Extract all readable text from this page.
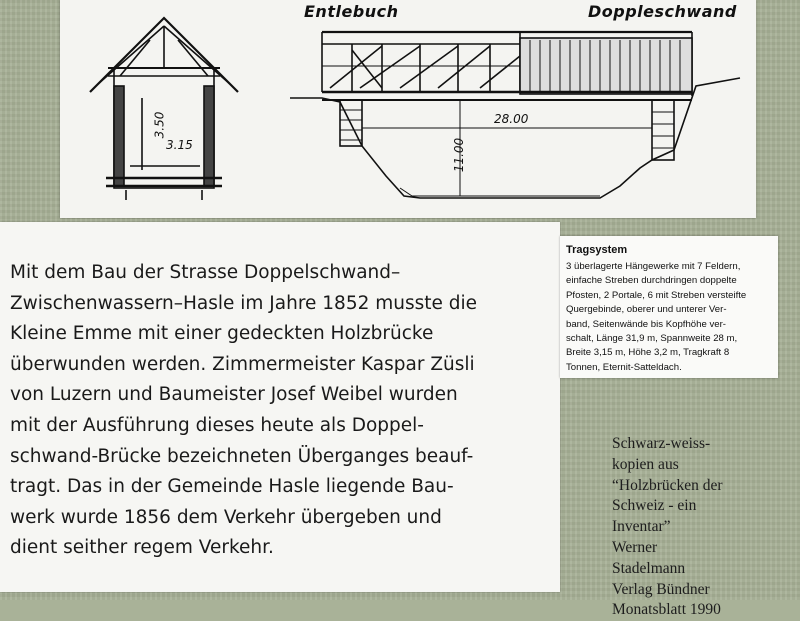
Entlebuch	Doppleschwand
3.50
3.15
28.00
11.00

Mit dem Bau der Strasse Doppelschwand–
Zwischenwassern–Hasle im Jahre 1852 musste die
Kleine Emme mit einer gedeckten Holzbrücke
überwunden werden. Zimmermeister Kaspar Züsli
von Luzern und Baumeister Josef Weibel wurden
mit der Ausführung dieses heute als Doppel-
schwand-Brücke bezeichneten Überganges beauf-
tragt. Das in der Gemeinde Hasle liegende Bau-
werk wurde 1856 dem Verkehr übergeben und
dient seither regem Verkehr.

Tragsystem
3 überlagerte Hängewerke mit 7 Feldern,
einfache Streben durchdringen doppelte
Pfosten, 2 Portale, 6 mit Streben versteifte
Quergebinde, oberer und unterer Ver-
band, Seitenwände bis Kopfhöhe ver-
schalt, Länge 31,9 m, Spannweite 28 m,
Breite 3,15 m, Höhe 3,2 m, Tragkraft 8
Tonnen, Eternit-Satteldach.
Schwarz-weiss-
kopien aus
“Holzbrücken der
Schweiz - ein
Inventar”
Werner
Stadelmann
Verlag Bündner
Monatsblatt 1990
